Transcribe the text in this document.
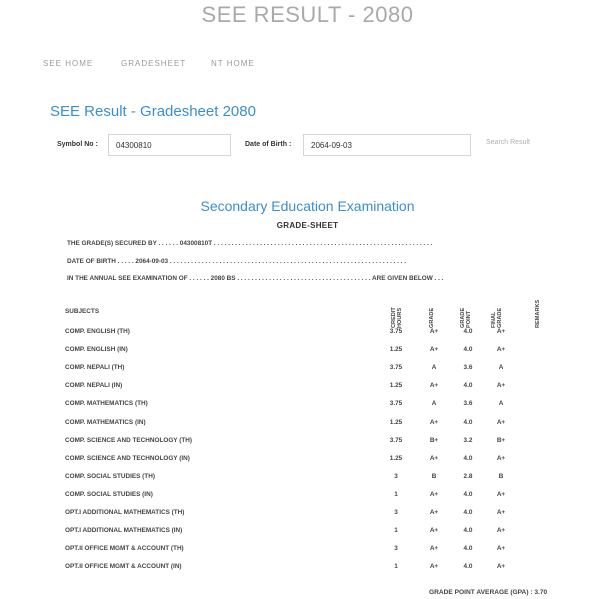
SEE RESULT - 2080
SEE HOME	GRADESHEET	NT HOME
SEE Result - Gradesheet 2080
Symbol No :
04300810	Date of Birth :
2064-09-03	Search Result
Secondary Education Examination
GRADE-SHEET
THE GRADE(S) SECURED BY . . . . . . 04300810T . . . . . . . . . . . . . . . . . . . . . . . . . . . . . . . . . . . . . . . . . . . . . . . . . . . . . . . . . . . . . .
DATE OF BIRTH . . . . . 2064-09-03 . . . . . . . . . . . . . . . . . . . . . . . . . . . . . . . . . . . . . . . . . . . . . . . . . . . . . . . . . . . . . . . . . . .
IN THE ANNUAL SEE EXAMINATION OF . . . . . . 2080 BS . . . . . . . . . . . . . . . . . . . . . . . . . . . . . . . . . . . . . . ARE GIVEN BELOW . . .
SUBJECTS	CREDIT HOURS	GRADE	GRADE POINT	FINAL GRADE	REMARKS
COMP. ENGLISH (TH)	3.75	A+	4.0	A+
COMP. ENGLISH (IN)	1.25	A+	4.0	A+
COMP. NEPALI (TH)	3.75	A	3.6	A
COMP. NEPALI (IN)	1.25	A+	4.0	A+
COMP. MATHEMATICS (TH)	3.75	A	3.6	A
COMP. MATHEMATICS (IN)	1.25	A+	4.0	A+
COMP. SCIENCE AND TECHNOLOGY (TH)	3.75	B+	3.2	B+
COMP. SCIENCE AND TECHNOLOGY (IN)	1.25	A+	4.0	A+
COMP. SOCIAL STUDIES (TH)	3	B	2.8	B
COMP. SOCIAL STUDIES (IN)	1	A+	4.0	A+
OPT.I ADDITIONAL MATHEMATICS (TH)	3	A+	4.0	A+
OPT.I ADDITIONAL MATHEMATICS (IN)	1	A+	4.0	A+
OPT.II OFFICE MGMT & ACCOUNT (TH)	3	A+	4.0	A+
OPT.II OFFICE MGMT & ACCOUNT (IN)	1	A+	4.0	A+
GRADE POINT AVERAGE (GPA) : 3.70
